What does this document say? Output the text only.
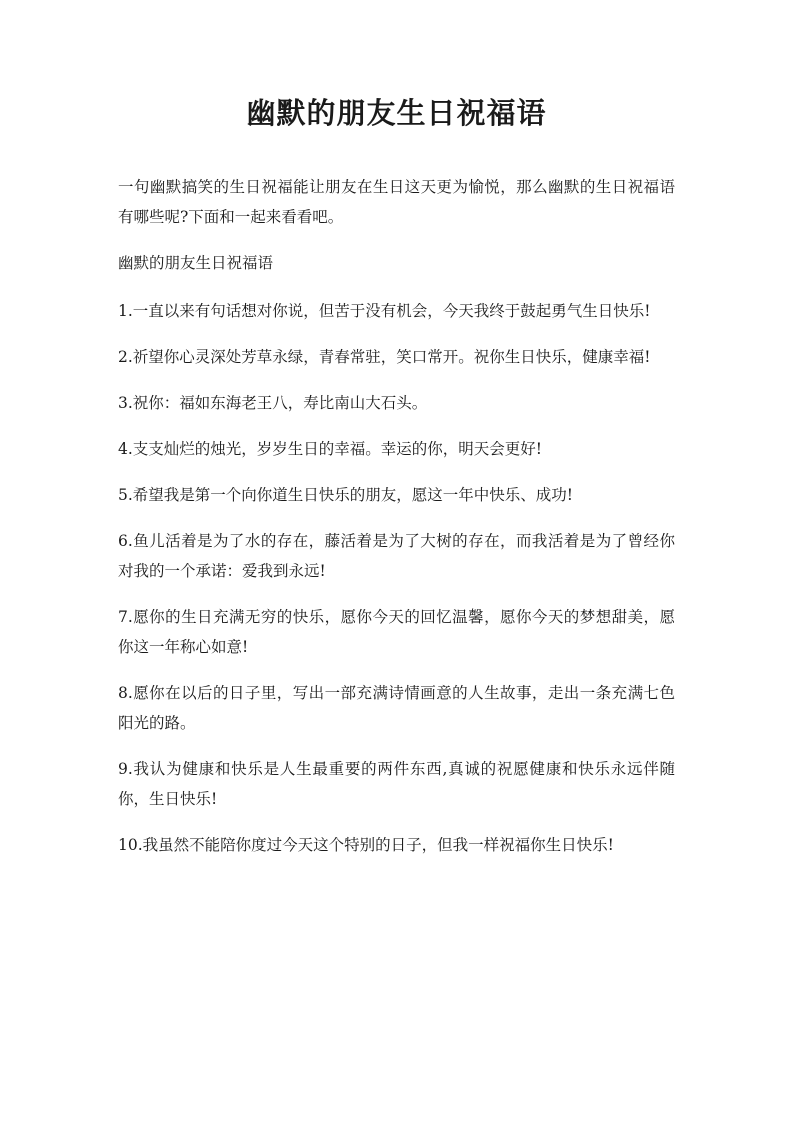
幽默的朋友生日祝福语

一句幽默搞笑的生日祝福能让朋友在生日这天更为愉悦，那么幽默的生日祝福语有哪些呢?下面和一起来看看吧。

幽默的朋友生日祝福语

1.一直以来有句话想对你说，但苦于没有机会，今天我终于鼓起勇气生日快乐!

2.祈望你心灵深处芳草永绿，青春常驻，笑口常开。祝你生日快乐，健康幸福!

3.祝你：福如东海老王八，寿比南山大石头。

4.支支灿烂的烛光，岁岁生日的幸福。幸运的你，明天会更好!

5.希望我是第一个向你道生日快乐的朋友，愿这一年中快乐、成功!

6.鱼儿活着是为了水的存在，藤活着是为了大树的存在，而我活着是为了曾经你对我的一个承诺：爱我到永远!

7.愿你的生日充满无穷的快乐，愿你今天的回忆温馨，愿你今天的梦想甜美，愿你这一年称心如意!

8.愿你在以后的日子里，写出一部充满诗情画意的人生故事，走出一条充满七色阳光的路。

9.我认为健康和快乐是人生最重要的两件东西,真诚的祝愿健康和快乐永远伴随你，生日快乐!

10.我虽然不能陪你度过今天这个特别的日子，但我一样祝福你生日快乐!
